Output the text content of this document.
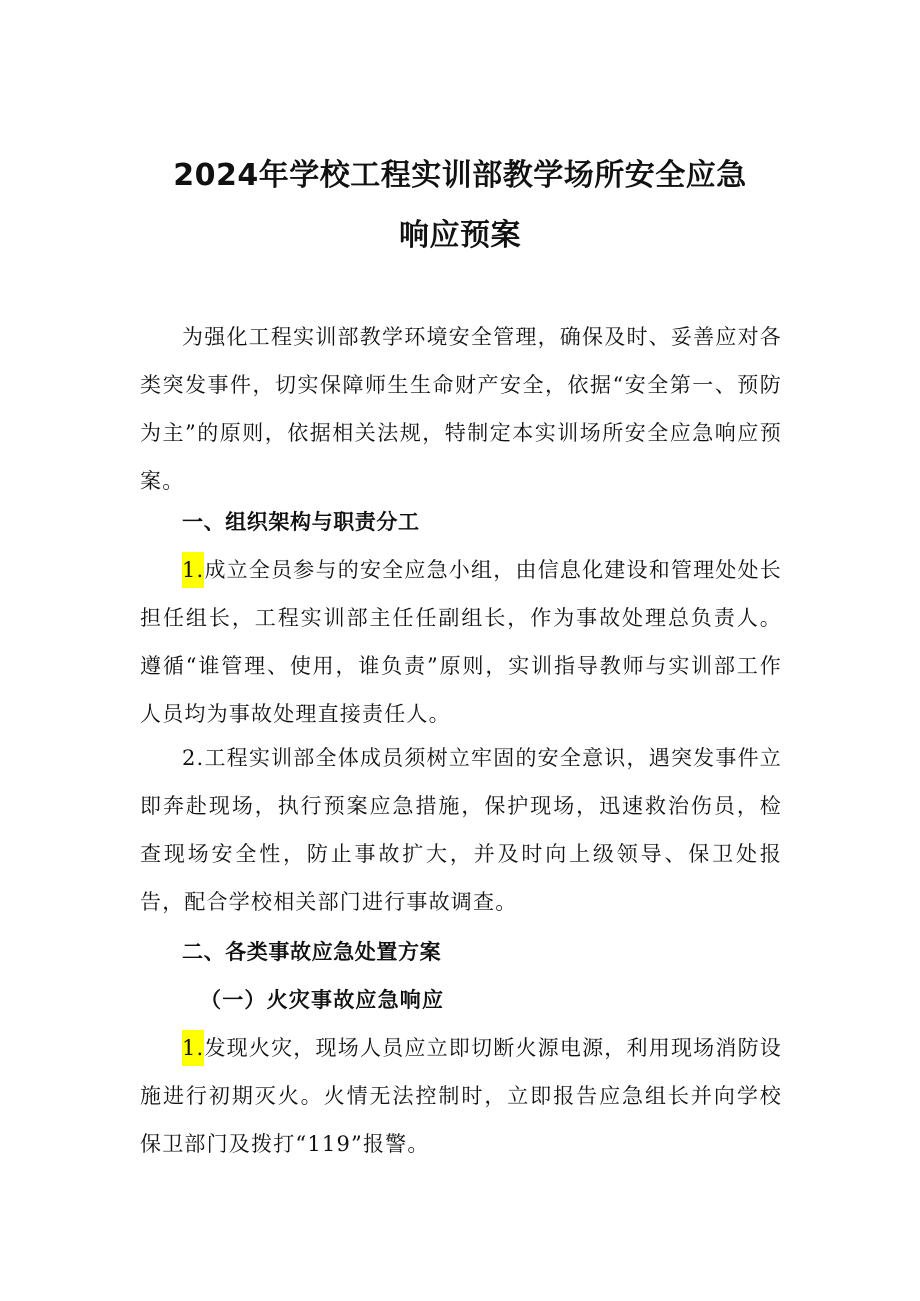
2024年学校工程实训部教学场所安全应急
响应预案

为强化工程实训部教学环境安全管理，确保及时、妥善应对各类突发事件，切实保障师生生命财产安全，依据“安全第一、预防为主”的原则，依据相关法规，特制定本实训场所安全应急响应预案。

一、组织架构与职责分工

1.成立全员参与的安全应急小组，由信息化建设和管理处处长担任组长，工程实训部主任任副组长，作为事故处理总负责人。遵循“谁管理、使用，谁负责”原则，实训指导教师与实训部工作人员均为事故处理直接责任人。

2.工程实训部全体成员须树立牢固的安全意识，遇突发事件立即奔赴现场，执行预案应急措施，保护现场，迅速救治伤员，检查现场安全性，防止事故扩大，并及时向上级领导、保卫处报告，配合学校相关部门进行事故调查。

二、各类事故应急处置方案
（一）火灾事故应急响应

1.发现火灾，现场人员应立即切断火源电源，利用现场消防设施进行初期灭火。火情无法控制时，立即报告应急组长并向学校保卫部门及拨打“119”报警。
